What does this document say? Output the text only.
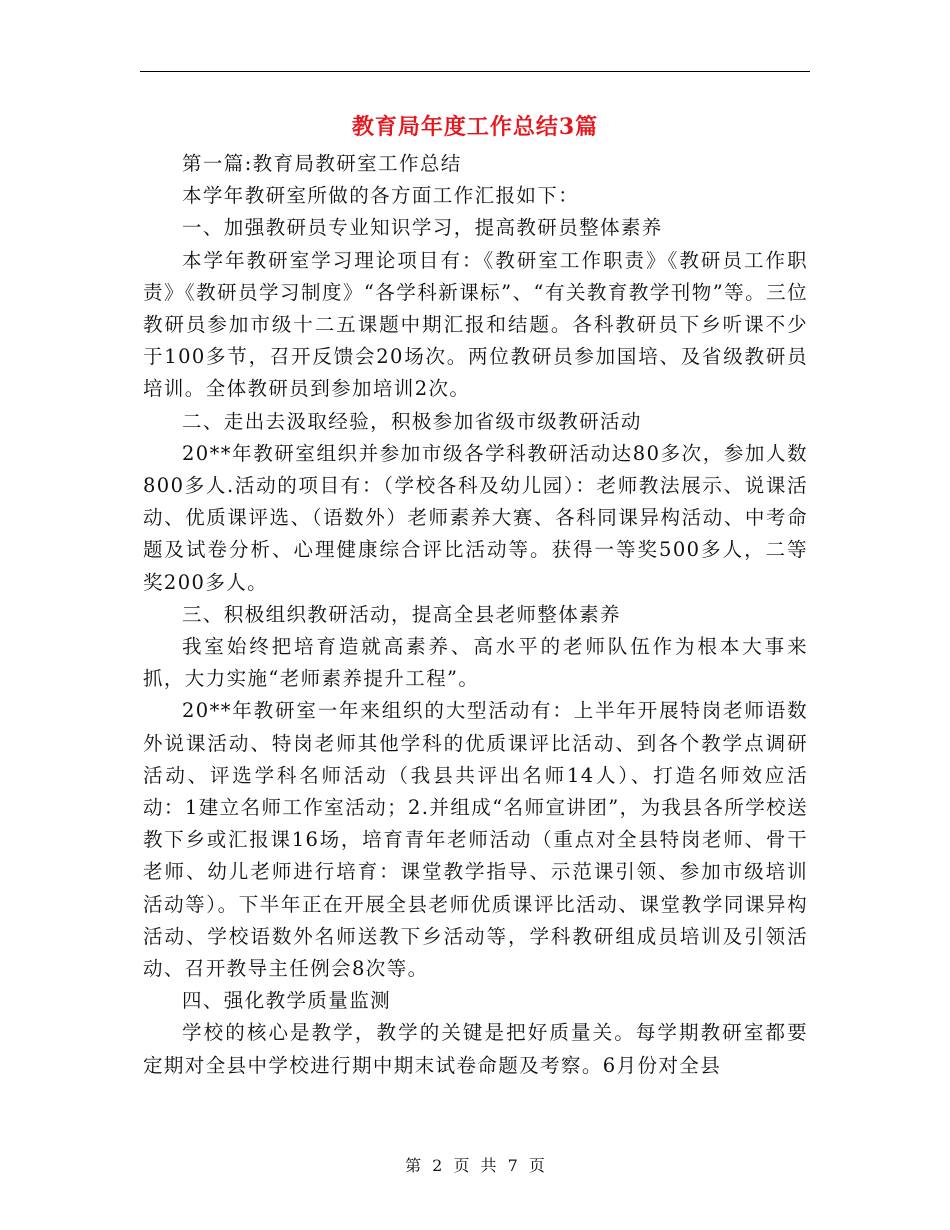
教育局年度工作总结3篇

第一篇:教育局教研室工作总结

本学年教研室所做的各方面工作汇报如下：

一、加强教研员专业知识学习，提高教研员整体素养

本学年教研室学习理论项目有：《教研室工作职责》《教研员工作职责》《教研员学习制度》“各学科新课标”、“有关教育教学刊物”等。三位教研员参加市级十二五课题中期汇报和结题。各科教研员下乡听课不少于100多节，召开反馈会20场次。两位教研员参加国培、及省级教研员培训。全体教研员到参加培训2次。

二、走出去汲取经验，积极参加省级市级教研活动

20**年教研室组织并参加市级各学科教研活动达80多次，参加人数800多人.活动的项目有：（学校各科及幼儿园）：老师教法展示、说课活动、优质课评选、（语数外）老师素养大赛、各科同课异构活动、中考命题及试卷分析、心理健康综合评比活动等。获得一等奖500多人，二等奖200多人。

三、积极组织教研活动，提高全县老师整体素养

我室始终把培育造就高素养、高水平的老师队伍作为根本大事来抓，大力实施“老师素养提升工程”。

20**年教研室一年来组织的大型活动有：上半年开展特岗老师语数外说课活动、特岗老师其他学科的优质课评比活动、到各个教学点调研活动、评选学科名师活动（我县共评出名师14人）、打造名师效应活动：1建立名师工作室活动；2.并组成“名师宣讲团”，为我县各所学校送教下乡或汇报课16场，培育青年老师活动（重点对全县特岗老师、骨干老师、幼儿老师进行培育：课堂教学指导、示范课引领、参加市级培训活动等）。下半年正在开展全县老师优质课评比活动、课堂教学同课异构活动、学校语数外名师送教下乡活动等，学科教研组成员培训及引领活动、召开教导主任例会8次等。

四、强化教学质量监测

学校的核心是教学，教学的关键是把好质量关。每学期教研室都要定期对全县中学校进行期中期末试卷命题及考察。6月份对全县

第 2 页 共 7 页
